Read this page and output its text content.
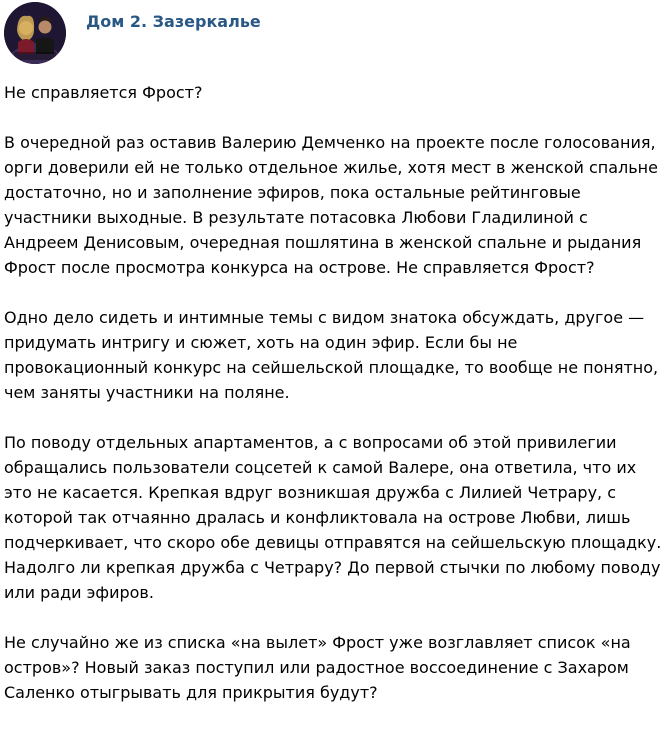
Дом 2. Зазеркалье

Не справляется Фрост?

В очередной раз оставив Валерию Демченко на проекте после голосования, орги доверили ей не только отдельное жилье, хотя мест в женской спальне достаточно, но и заполнение эфиров, пока остальные рейтинговые участники выходные. В результате потасовка Любови Гладилиной с Андреем Денисовым, очередная пошлятина в женской спальне и рыдания Фрост после просмотра конкурса на острове. Не справляется Фрост?

Одно дело сидеть и интимные темы с видом знатока обсуждать, другое — придумать интригу и сюжет, хоть на один эфир. Если бы не провокационный конкурс на сейшельской площадке, то вообще не понятно, чем заняты участники на поляне.

По поводу отдельных апартаментов, а с вопросами об этой привилегии обращались пользователи соцсетей к самой Валере, она ответила, что их это не касается. Крепкая вдруг возникшая дружба с Лилией Четрару, с которой так отчаянно дралась и конфликтовала на острове Любви, лишь подчеркивает, что скоро обе девицы отправятся на сейшельскую площадку. Надолго ли крепкая дружба с Четрару? До первой стычки по любому поводу или ради эфиров.

Не случайно же из списка «на вылет» Фрост уже возглавляет список «на остров»? Новый заказ поступил или радостное воссоединение с Захаром Саленко отыгрывать для прикрытия будут?
